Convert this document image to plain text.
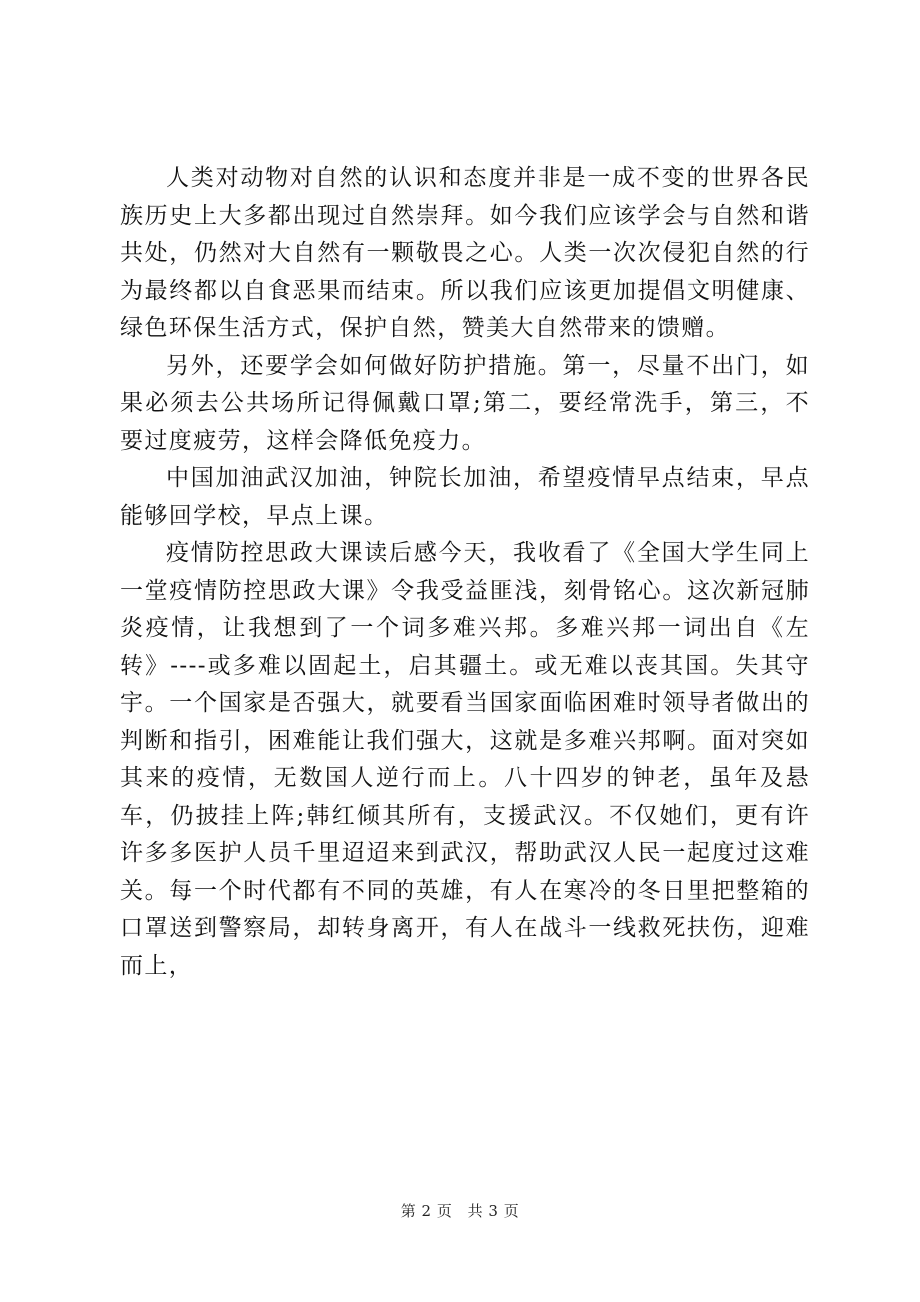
人类对动物对自然的认识和态度并非是一成不变的世界各民族历史上大多都出现过自然崇拜。如今我们应该学会与自然和谐共处，仍然对大自然有一颗敬畏之心。人类一次次侵犯自然的行为最终都以自食恶果而结束。所以我们应该更加提倡文明健康、绿色环保生活方式，保护自然，赞美大自然带来的馈赠。

另外，还要学会如何做好防护措施。第一，尽量不出门，如果必须去公共场所记得佩戴口罩;第二，要经常洗手，第三，不要过度疲劳，这样会降低免疫力。

中国加油武汉加油，钟院长加油，希望疫情早点结束，早点能够回学校，早点上课。

疫情防控思政大课读后感今天，我收看了《全国大学生同上一堂疫情防控思政大课》令我受益匪浅，刻骨铭心。这次新冠肺炎疫情，让我想到了一个词多难兴邦。多难兴邦一词出自《左转》----或多难以固起土，启其疆土。或无难以丧其国。失其守宇。一个国家是否强大，就要看当国家面临困难时领导者做出的判断和指引，困难能让我们强大，这就是多难兴邦啊。面对突如其来的疫情，无数国人逆行而上。八十四岁的钟老，虽年及悬车，仍披挂上阵;韩红倾其所有，支援武汉。不仅她们，更有许许多多医护人员千里迢迢来到武汉，帮助武汉人民一起度过这难关。每一个时代都有不同的英雄，有人在寒冷的冬日里把整箱的口罩送到警察局，却转身离开，有人在战斗一线救死扶伤，迎难而上，

第 2 页 共 3 页
